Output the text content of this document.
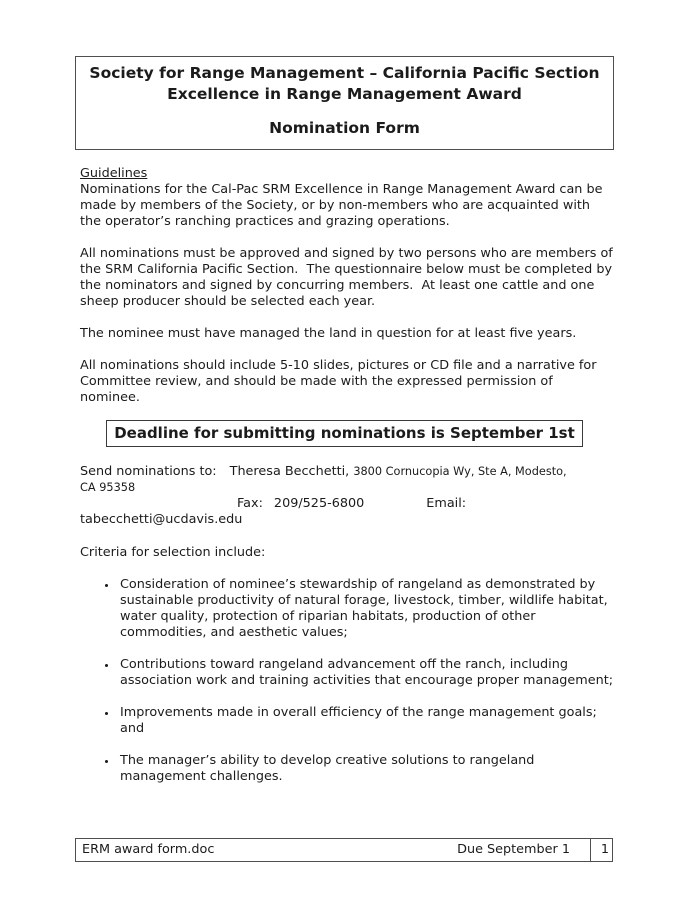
Society for Range Management – California Pacific Section
Excellence in Range Management Award
Nomination Form
Guidelines
Nominations for the Cal-Pac SRM Excellence in Range Management Award can be made by members of the Society, or by non-members who are acquainted with the operator’s ranching practices and grazing operations.
All nominations must be approved and signed by two persons who are members of the SRM California Pacific Section.  The questionnaire below must be completed by the nominators and signed by concurring members.  At least one cattle and one sheep producer should be selected each year.
The nominee must have managed the land in question for at least five years.
All nominations should include 5-10 slides, pictures or CD file and a narrative for Committee review, and should be made with the expressed permission of nominee.
Deadline for submitting nominations is September 1st
Send nominations to: Theresa Becchetti, 3800 Cornucopia Wy, Ste A, Modesto,
CA 95358
Fax: 209/525-6800	Email:
tabecchetti@ucdavis.edu
Criteria for selection include:
• Consideration of nominee’s stewardship of rangeland as demonstrated by sustainable productivity of natural forage, livestock, timber, wildlife habitat, water quality, protection of riparian habitats, production of other commodities, and aesthetic values;
• Contributions toward rangeland advancement off the ranch, including association work and training activities that encourage proper management;
• Improvements made in overall efficiency of the range management goals; and
• The manager’s ability to develop creative solutions to rangeland management challenges.
ERM award form.doc	Due September 1	1
